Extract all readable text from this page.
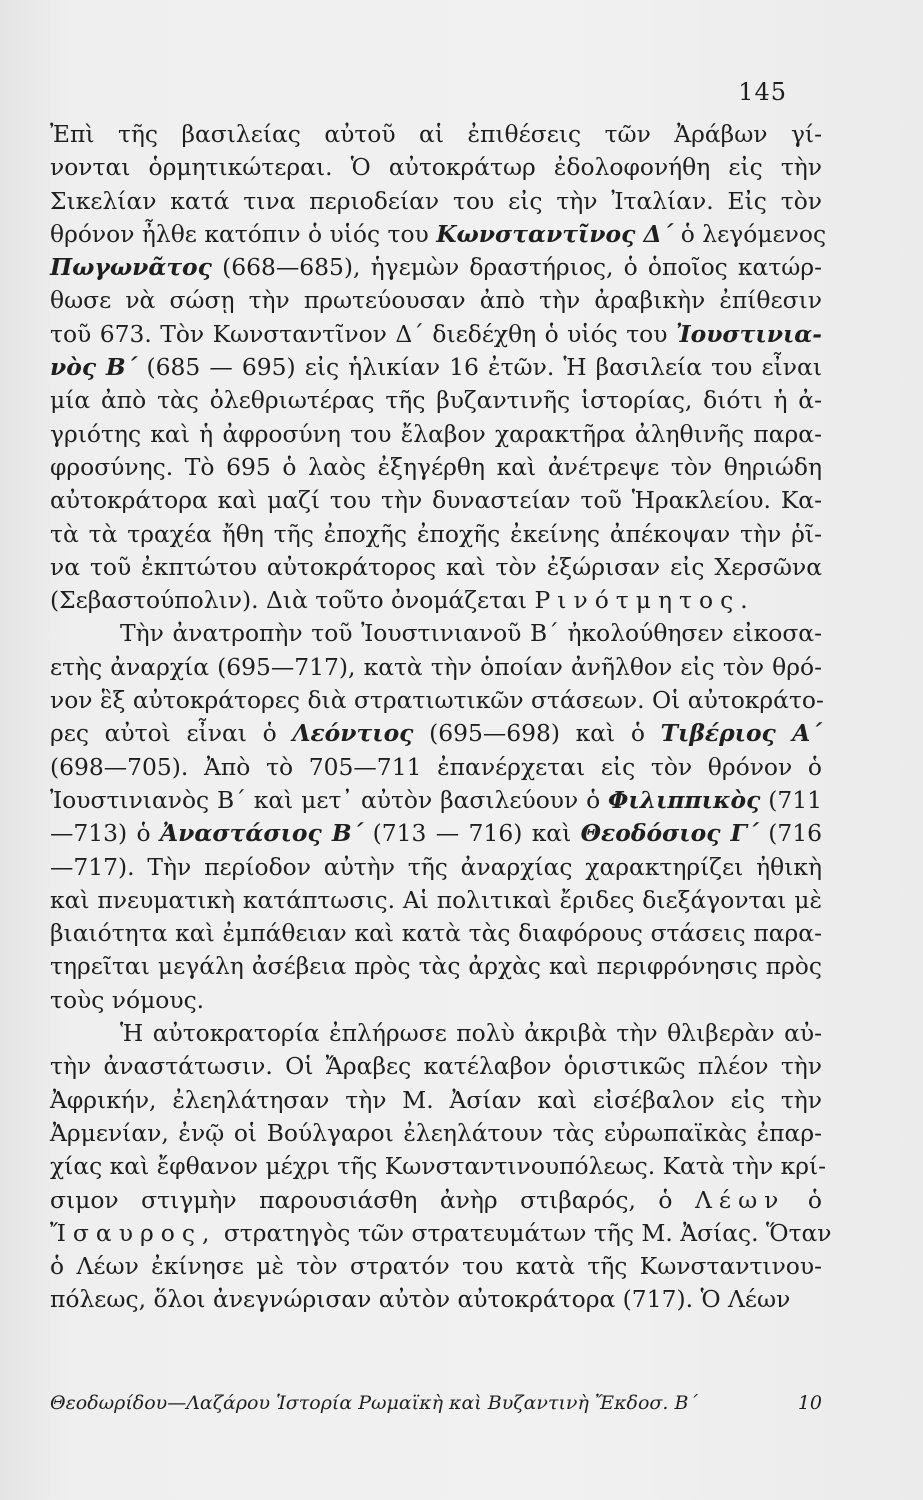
145
Ἐπὶ τῆς βασιλείας αὐτοῦ αἱ ἐπιθέσεις τῶν Ἀράβων γί-
νονται ὁρμητικώτεραι. Ὁ αὐτοκράτωρ ἐδολοφονήθη εἰς τὴν
Σικελίαν κατά τινα περιοδείαν του εἰς τὴν Ἰταλίαν. Εἰς τὸν
θρόνον ἦλθε κατόπιν ὁ υἱός του Κωνσταντῖνος Δ΄ ὁ λεγόμενος
Πωγωνᾶτος (668—685), ἡγεμὼν δραστήριος, ὁ ὁποῖος κατώρ-
θωσε νὰ σώσῃ τὴν πρωτεύουσαν ἀπὸ τὴν ἀραβικὴν ἐπίθεσιν
τοῦ 673. Τὸν Κωνσταντῖνον Δ΄ διεδέχθη ὁ υἱός του Ἰουστινια-
νὸς Β΄ (685 — 695) εἰς ἡλικίαν 16 ἐτῶν. Ἡ βασιλεία του εἶναι
μία ἀπὸ τὰς ὀλεθριωτέρας τῆς βυζαντινῆς ἱστορίας, διότι ἡ ἀ-
γριότης καὶ ἡ ἀφροσύνη του ἔλαβον χαρακτῆρα ἀληθινῆς παρα-
φροσύνης. Τὸ 695 ὁ λαὸς ἐξηγέρθη καὶ ἀνέτρεψε τὸν θηριώδη
αὐτοκράτορα καὶ μαζί του τὴν δυναστείαν τοῦ Ἡρακλείου. Κα-
τὰ τὰ τραχέα ἤθη τῆς ἐποχῆς ἐποχῆς ἐκείνης ἀπέκοψαν τὴν ῥῖ-
να τοῦ ἐκπτώτου αὐτοκράτορος καὶ τὸν ἐξώρισαν εἰς Χερσῶνα
(Σεβαστούπολιν). Διὰ τοῦτο ὀνομάζεται Ρινότμητος.
Τὴν ἀνατροπὴν τοῦ Ἰουστινιανοῦ Β΄ ἠκολούθησεν εἰκοσα-
ετὴς ἀναρχία (695—717), κατὰ τὴν ὁποίαν ἀνῆλθον εἰς τὸν θρό-
νον ἓξ αὐτοκράτορες διὰ στρατιωτικῶν στάσεων. Οἱ αὐτοκράτο-
ρες αὐτοὶ εἶναι ὁ Λεόντιος (695—698) καὶ ὁ Τιβέριος Α΄
(698—705). Ἀπὸ τὸ 705—711 ἐπανέρχεται εἰς τὸν θρόνον ὁ
Ἰουστινιανὸς Β΄ καὶ μετ᾽ αὐτὸν βασιλεύουν ὁ Φιλιππικὸς (711
—713) ὁ Ἀναστάσιος Β΄ (713 — 716) καὶ Θεοδόσιος Γ΄ (716
—717). Τὴν περίοδον αὐτὴν τῆς ἀναρχίας χαρακτηρίζει ἠθικὴ
καὶ πνευματικὴ κατάπτωσις. Αἱ πολιτικαὶ ἔριδες διεξάγονται μὲ
βιαιότητα καὶ ἐμπάθειαν καὶ κατὰ τὰς διαφόρους στάσεις παρα-
τηρεῖται μεγάλη ἀσέβεια πρὸς τὰς ἀρχὰς καὶ περιφρόνησις πρὸς
τοὺς νόμους.
Ἡ αὐτοκρατορία ἐπλήρωσε πολὺ ἀκριβὰ τὴν θλιβερὰν αὐ-
τὴν ἀναστάτωσιν. Οἱ Ἄραβες κατέλαβον ὁριστικῶς πλέον τὴν
Ἀφρικήν, ἐλεηλάτησαν τὴν Μ. Ἀσίαν καὶ εἰσέβαλον εἰς τὴν
Ἀρμενίαν, ἐνῷ οἱ Βούλγαροι ἐλεηλάτουν τὰς εὐρωπαϊκὰς ἐπαρ-
χίας καὶ ἔφθανον μέχρι τῆς Κωνσταντινουπόλεως. Κατὰ τὴν κρί-
σιμον στιγμὴν παρουσιάσθη ἀνὴρ στιβαρός, ὁ Λέων ὁ
Ἴσαυρος, στρατηγὸς τῶν στρατευμάτων τῆς Μ. Ἀσίας. Ὅταν
ὁ Λέων ἐκίνησε μὲ τὸν στρατόν του κατὰ τῆς Κωνσταντινου-
πόλεως, ὅλοι ἀνεγνώρισαν αὐτὸν αὐτοκράτορα (717). Ὁ Λέων
Θεοδωρίδου—Λαζάρου Ἱστορία Ρωμαϊκὴ καὶ Βυζαντινὴ Ἔκδοσ. Β΄	10
